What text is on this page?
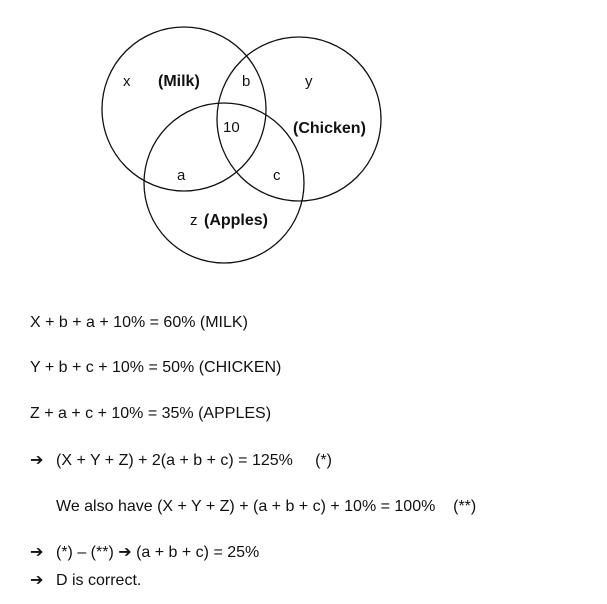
x (Milk)	b	y
10	(Chicken)
a	c
z (Apples)
X + b + a + 10% = 60% (MILK)
Y + b + c + 10% = 50% (CHICKEN)
Z + a + c + 10% = 35% (APPLES)
➔ (X + Y + Z) + 2(a + b + c) = 125%     (*)
We also have (X + Y + Z) + (a + b + c) + 10% = 100%    (**)
➔ (*) – (**) ➔ (a + b + c) = 25%
➔ D is correct.
